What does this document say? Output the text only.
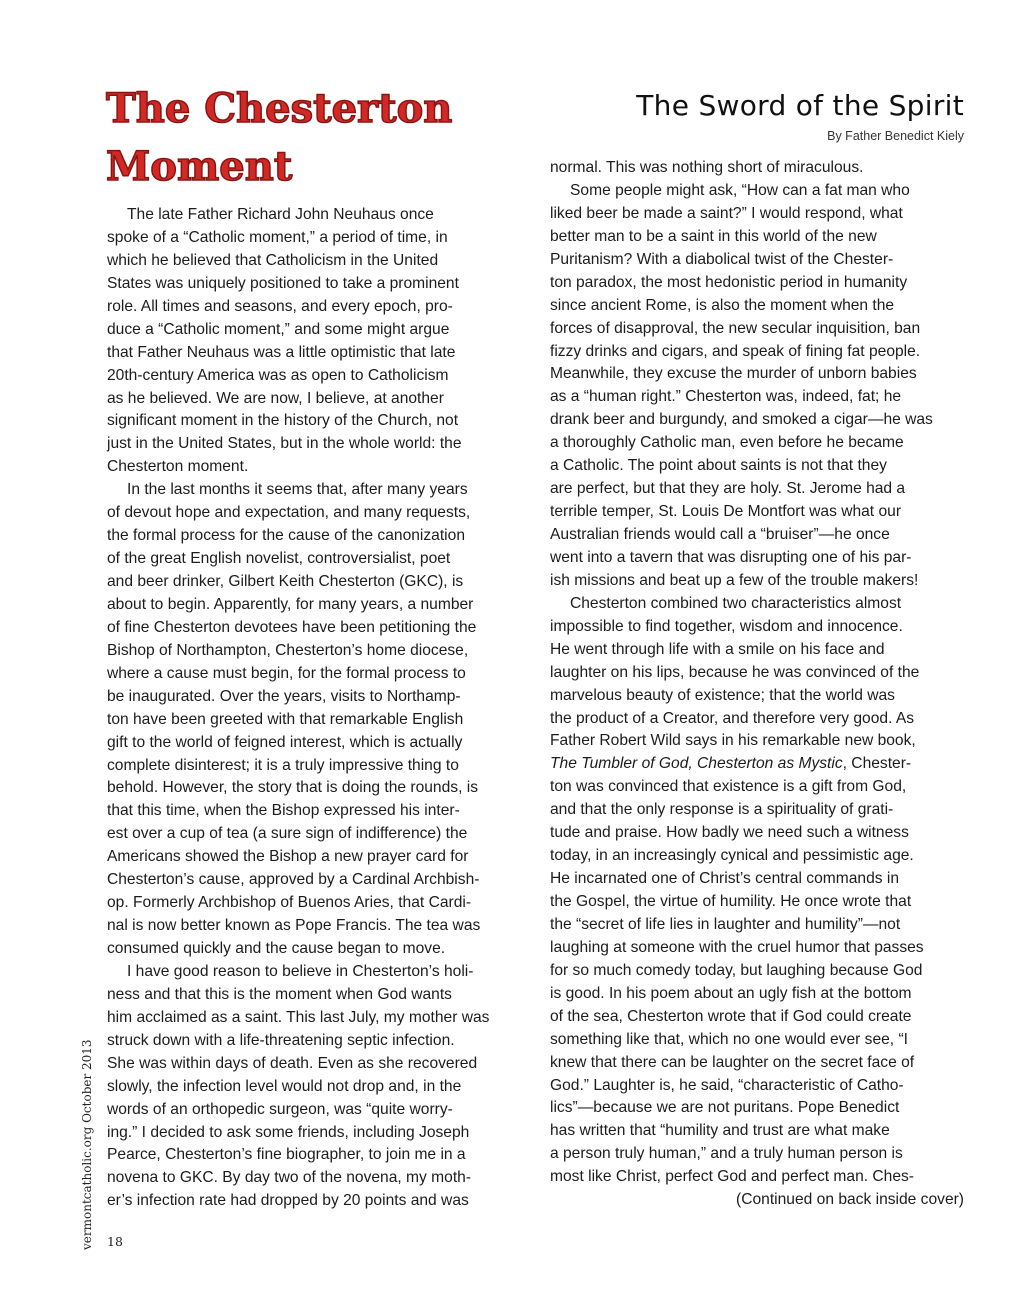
The Chesterton
Moment
The Sword of the Spirit
By Father Benedict Kiely
The late Father Richard John Neuhaus once
spoke of a “Catholic moment,” a period of time, in
which he believed that Catholicism in the United
States was uniquely positioned to take a prominent
role. All times and seasons, and every epoch, pro-
duce a “Catholic moment,” and some might argue
that Father Neuhaus was a little optimistic that late
20th-century America was as open to Catholicism
as he believed. We are now, I believe, at another
significant moment in the history of the Church, not
just in the United States, but in the whole world: the
Chesterton moment.
In the last months it seems that, after many years
of devout hope and expectation, and many requests,
the formal process for the cause of the canonization
of the great English novelist, controversialist, poet
and beer drinker, Gilbert Keith Chesterton (GKC), is
about to begin. Apparently, for many years, a number
of fine Chesterton devotees have been petitioning the
Bishop of Northampton, Chesterton’s home diocese,
where a cause must begin, for the formal process to
be inaugurated. Over the years, visits to Northamp-
ton have been greeted with that remarkable English
gift to the world of feigned interest, which is actually
complete disinterest; it is a truly impressive thing to
behold. However, the story that is doing the rounds, is
that this time, when the Bishop expressed his inter-
est over a cup of tea (a sure sign of indifference) the
Americans showed the Bishop a new prayer card for
Chesterton’s cause, approved by a Cardinal Archbish-
op. Formerly Archbishop of Buenos Aries, that Cardi-
nal is now better known as Pope Francis. The tea was
consumed quickly and the cause began to move.
I have good reason to believe in Chesterton’s holi-
ness and that this is the moment when God wants
him acclaimed as a saint. This last July, my mother was
struck down with a life-threatening septic infection.
She was within days of death. Even as she recovered
slowly, the infection level would not drop and, in the
words of an orthopedic surgeon, was “quite worry-
ing.” I decided to ask some friends, including Joseph
Pearce, Chesterton’s fine biographer, to join me in a
novena to GKC. By day two of the novena, my moth-
er’s infection rate had dropped by 20 points and was
normal. This was nothing short of miraculous.
Some people might ask, “How can a fat man who
liked beer be made a saint?” I would respond, what
better man to be a saint in this world of the new
Puritanism? With a diabolical twist of the Chester-
ton paradox, the most hedonistic period in humanity
since ancient Rome, is also the moment when the
forces of disapproval, the new secular inquisition, ban
fizzy drinks and cigars, and speak of fining fat people.
Meanwhile, they excuse the murder of unborn babies
as a “human right.” Chesterton was, indeed, fat; he
drank beer and burgundy, and smoked a cigar—he was
a thoroughly Catholic man, even before he became
a Catholic. The point about saints is not that they
are perfect, but that they are holy. St. Jerome had a
terrible temper, St. Louis De Montfort was what our
Australian friends would call a “bruiser”—he once
went into a tavern that was disrupting one of his par-
ish missions and beat up a few of the trouble makers!
Chesterton combined two characteristics almost
impossible to find together, wisdom and innocence.
He went through life with a smile on his face and
laughter on his lips, because he was convinced of the
marvelous beauty of existence; that the world was
the product of a Creator, and therefore very good. As
Father Robert Wild says in his remarkable new book,
The Tumbler of God, Chesterton as Mystic, Chester-
ton was convinced that existence is a gift from God,
and that the only response is a spirituality of grati-
tude and praise. How badly we need such a witness
today, in an increasingly cynical and pessimistic age.
He incarnated one of Christ’s central commands in
the Gospel, the virtue of humility. He once wrote that
the “secret of life lies in laughter and humility”—not
laughing at someone with the cruel humor that passes
for so much comedy today, but laughing because God
is good. In his poem about an ugly fish at the bottom
of the sea, Chesterton wrote that if God could create
something like that, which no one would ever see, “I
knew that there can be laughter on the secret face of
God.” Laughter is, he said, “characteristic of Catho-
lics”—because we are not puritans. Pope Benedict
has written that “humility and trust are what make
a person truly human,” and a truly human person is
most like Christ, perfect God and perfect man. Ches-
(Continued on back inside cover)
vermontcatholic.org October 2013 18
